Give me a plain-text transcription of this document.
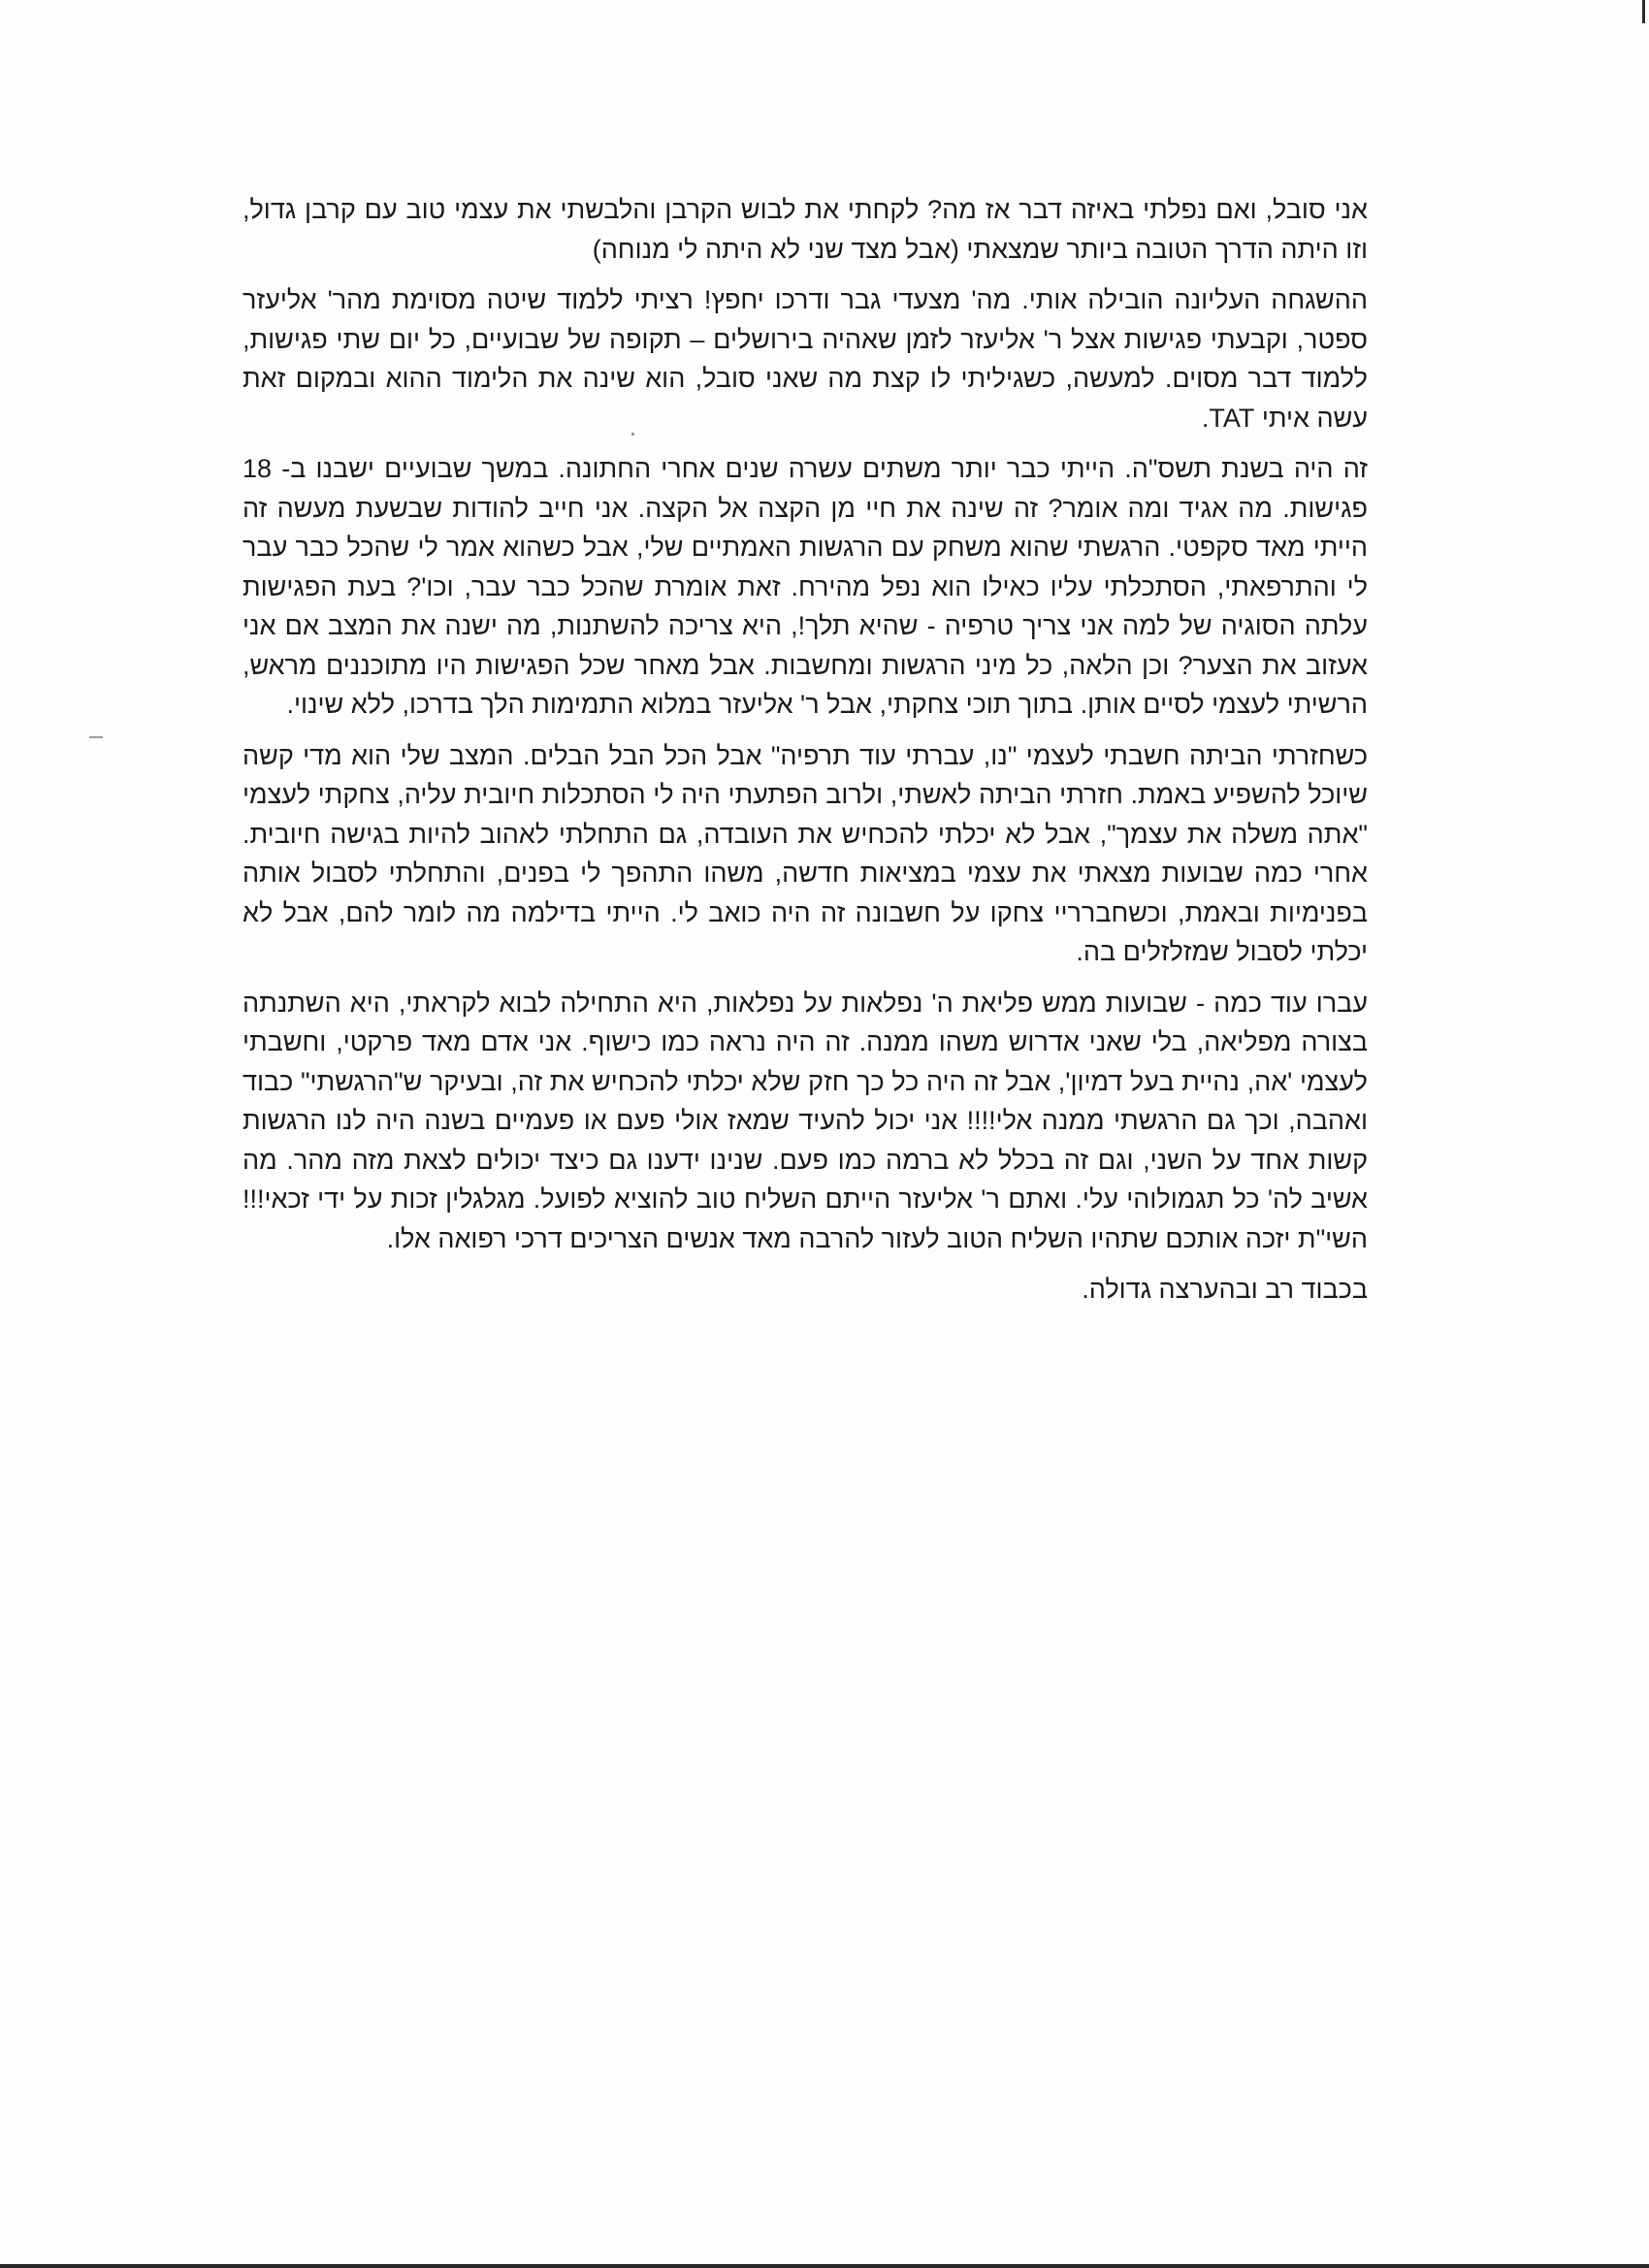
אני סובל, ואם נפלתי באיזה דבר אז מה? לקחתי את לבוש הקרבן והלבשתי את עצמי טוב עם קרבן גדול, וזו היתה הדרך הטובה ביותר שמצאתי (אבל מצד שני לא היתה לי מנוחה)

ההשגחה העליונה הובילה אותי. מה' מצעדי גבר ודרכו יחפץ! רציתי ללמוד שיטה מסוימת מהר' אליעזר ספטר, וקבעתי פגישות אצל ר' אליעזר לזמן שאהיה בירושלים – תקופה של שבועיים, כל יום שתי פגישות, ללמוד דבר מסוים. למעשה, כשגיליתי לו קצת מה שאני סובל, הוא שינה את הלימוד ההוא ובמקום זאת עשה איתי TAT.

זה היה בשנת תשס"ה. הייתי כבר יותר משתים עשרה שנים אחרי החתונה. במשך שבועיים ישבנו ב- 18 פגישות. מה אגיד ומה אומר? זה שינה את חיי מן הקצה אל הקצה. אני חייב להודות שבשעת מעשה זה הייתי מאד סקפטי. הרגשתי שהוא משחק עם הרגשות האמתיים שלי, אבל כשהוא אמר לי שהכל כבר עבר לי והתרפאתי, הסתכלתי עליו כאילו הוא נפל מהירח. זאת אומרת שהכל כבר עבר, וכו'? בעת הפגישות עלתה הסוגיה של למה אני צריך טרפיה - שהיא תלך!, היא צריכה להשתנות, מה ישנה את המצב אם אני אעזוב את הצער? וכן הלאה, כל מיני הרגשות ומחשבות. אבל מאחר שכל הפגישות היו מתוכננים מראש, הרשיתי לעצמי לסיים אותן. בתוך תוכי צחקתי, אבל ר' אליעזר במלוא התמימות הלך בדרכו, ללא שינוי.

כשחזרתי הביתה חשבתי לעצמי "נו, עברתי עוד תרפיה" אבל הכל הבל הבלים. המצב שלי הוא מדי קשה שיוכל להשפיע באמת. חזרתי הביתה לאשתי, ולרוב הפתעתי היה לי הסתכלות חיובית עליה, צחקתי לעצמי "אתה משלה את עצמך", אבל לא יכלתי להכחיש את העובדה, גם התחלתי לאהוב להיות בגישה חיובית. אחרי כמה שבועות מצאתי את עצמי במציאות חדשה, משהו התהפך לי בפנים, והתחלתי לסבול אותה בפנימיות ובאמת, וכשחברריי צחקו על חשבונה זה היה כואב לי. הייתי בדילמה מה לומר להם, אבל לא יכלתי לסבול שמזלזלים בה.

עברו עוד כמה - שבועות ממש פליאת ה' נפלאות על נפלאות, היא התחילה לבוא לקראתי, היא השתנתה בצורה מפליאה, בלי שאני אדרוש משהו ממנה. זה היה נראה כמו כישוף. אני אדם מאד פרקטי, וחשבתי לעצמי 'אה, נהיית בעל דמיון', אבל זה היה כל כך חזק שלא יכלתי להכחיש את זה, ובעיקר ש"הרגשתי" כבוד ואהבה, וכך גם הרגשתי ממנה אלי!!!! אני יכול להעיד שמאז אולי פעם או פעמיים בשנה היה לנו הרגשות קשות אחד על השני, וגם זה בכלל לא ברמה כמו פעם. שנינו ידענו גם כיצד יכולים לצאת מזה מהר. מה אשיב לה' כל תגמולוהי עלי. ואתם ר' אליעזר הייתם השליח טוב להוציא לפועל. מגלגלין זכות על ידי זכאי!!! השי"ת יזכה אותכם שתהיו השליח הטוב לעזור להרבה מאד אנשים הצריכים דרכי רפואה אלו.

בכבוד רב ובהערצה גדולה.
